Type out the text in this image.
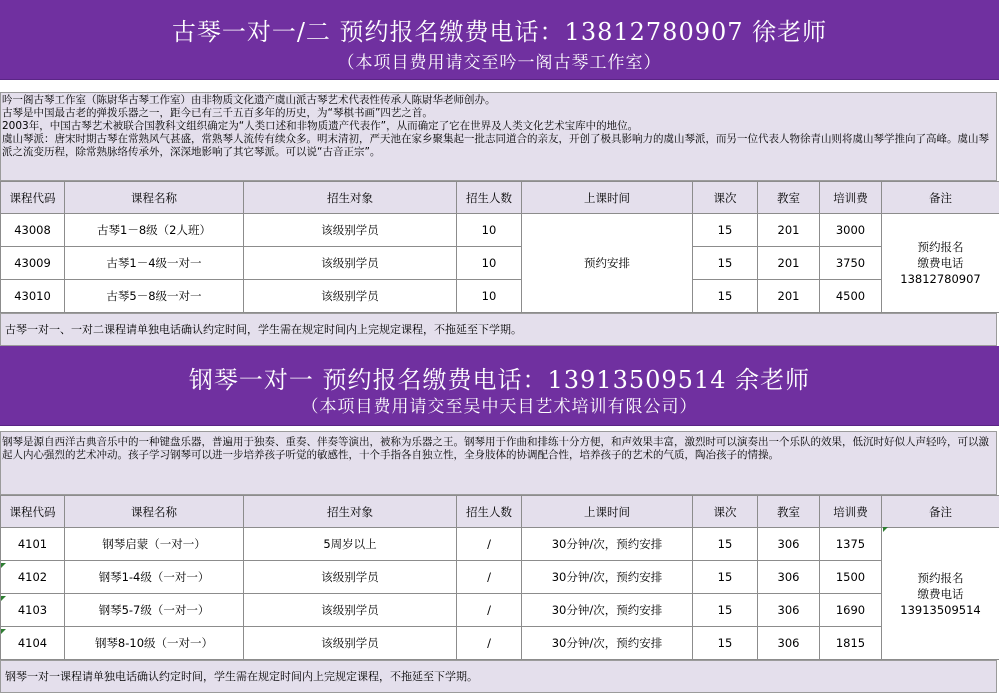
古琴一对一/二 预约报名缴费电话：13812780907 徐老师
（本项目费用请交至吟一阁古琴工作室）

吟一阁古琴工作室（陈尉华古琴工作室）由非物质文化遗产虞山派古琴艺术代表性传承人陈尉华老师创办。

古琴是中国最古老的弹拨乐器之一，距今已有三千五百多年的历史，为“琴棋书画”四艺之首。

2003年，中国古琴艺术被联合国教科文组织确定为“人类口述和非物质遗产代表作”，从而确定了它在世界及人类文化艺术宝库中的地位。

虞山琴派：唐宋时期古琴在常熟风气甚盛，常熟琴人流传有续众多。明末清初，严天池在家乡聚集起一批志同道合的亲友，开创了极具影响力的虞山琴派，而另一位代表人物徐青山则将虞山琴学推向了高峰。虞山琴派之流变历程，除常熟脉络传承外，深深地影响了其它琴派。可以说“古音正宗”。

课程代码	课程名称	招生对象	招生人数	上课时间	课次	教室	培训费	备注
43008	古琴1－8级（2人班）	该级别学员	10	预约安排	15	201	3000	预约报名
缴费电话
13812780907

43009	古琴1－4级一对一	该级别学员	10		15	201	3750	
43010	古琴5－8级一对一	该级别学员	10		15	201	4500	
古琴一对一、一对二课程请单独电话确认约定时间，学生需在规定时间内上完规定课程，不拖延至下学期。
钢琴一对一 预约报名缴费电话：13913509514 余老师
（本项目费用请交至吴中天目艺术培训有限公司）

钢琴是源自西洋古典音乐中的一种键盘乐器，普遍用于独奏、重奏、伴奏等演出，被称为乐器之王。钢琴用于作曲和排练十分方便，和声效果丰富，激烈时可以演奏出一个乐队的效果，低沉时好似人声轻吟，可以激起人内心强烈的艺术冲动。孩子学习钢琴可以进一步培养孩子听觉的敏感性，十个手指各自独立性，全身肢体的协调配合性，培养孩子的艺术的气质，陶冶孩子的情操。

课程代码	课程名称	招生对象	招生人数	上课时间	课次	教室	培训费	备注
4101	钢琴启蒙（一对一）	5周岁以上	/	30分钟/次，预约安排	15	306	1375	预约报名
缴费电话
13913509514

4102	钢琴1-4级（一对一）	该级别学员	/	30分钟/次，预约安排	15	306	1500	
4103	钢琴5-7级（一对一）	该级别学员	/	30分钟/次，预约安排	15	306	1690	
4104	钢琴8-10级（一对一）	该级别学员	/	30分钟/次，预约安排	15	306	1815	
钢琴一对一课程请单独电话确认约定时间，学生需在规定时间内上完规定课程，不拖延至下学期。
